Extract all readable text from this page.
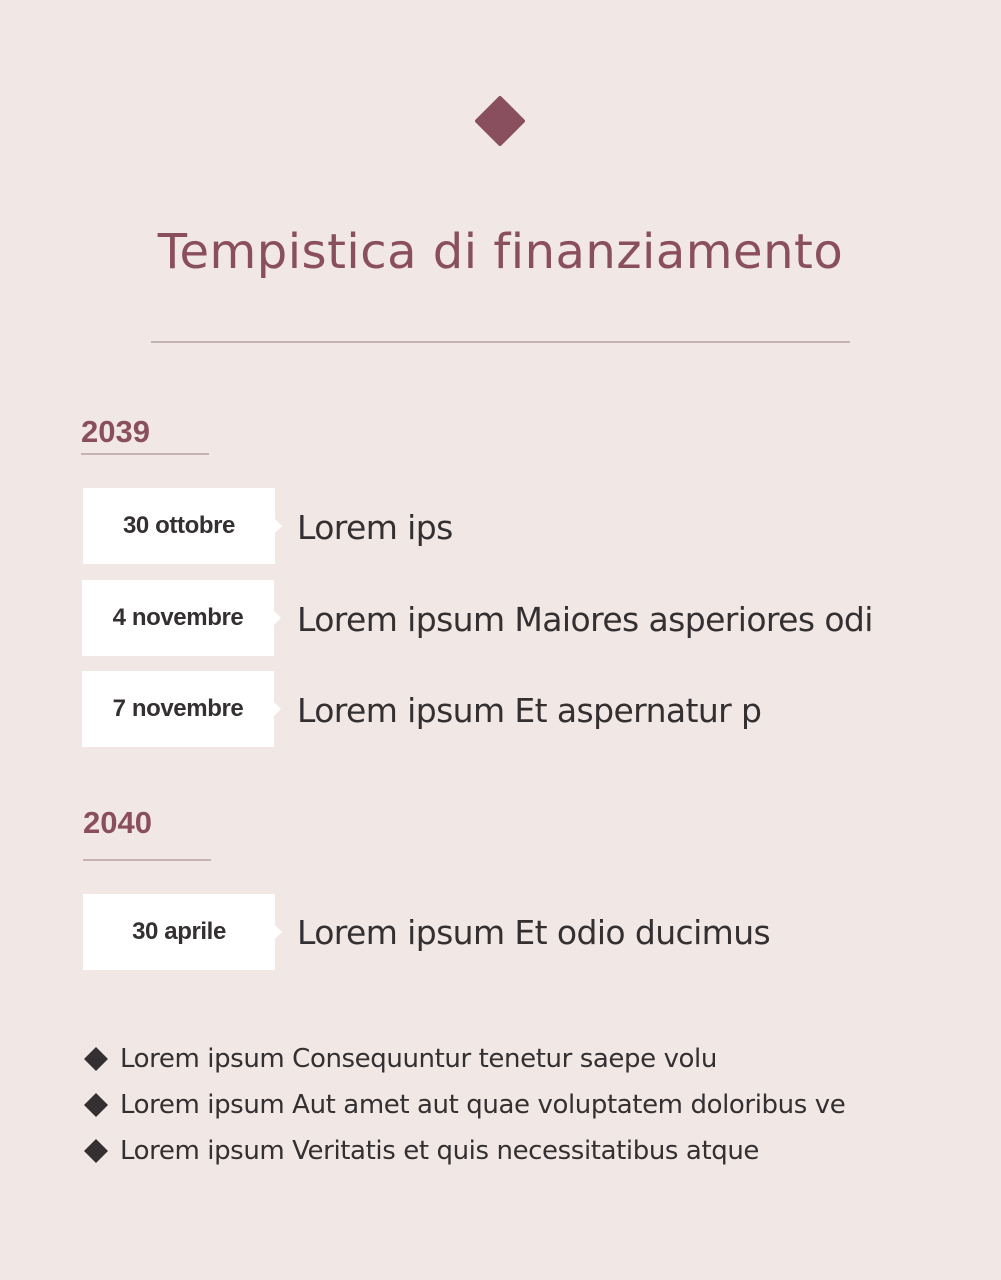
Tempistica di finanziamento
2039
30 ottobre Lorem ips
4 novembre Lorem ipsum Maiores asperiores odi
7 novembre Lorem ipsum Et aspernatur p
2040
30 aprile Lorem ipsum Et odio ducimus
Lorem ipsum Consequuntur tenetur saepe volu
Lorem ipsum Aut amet aut quae voluptatem doloribus ve
Lorem ipsum Veritatis et quis necessitatibus atque
